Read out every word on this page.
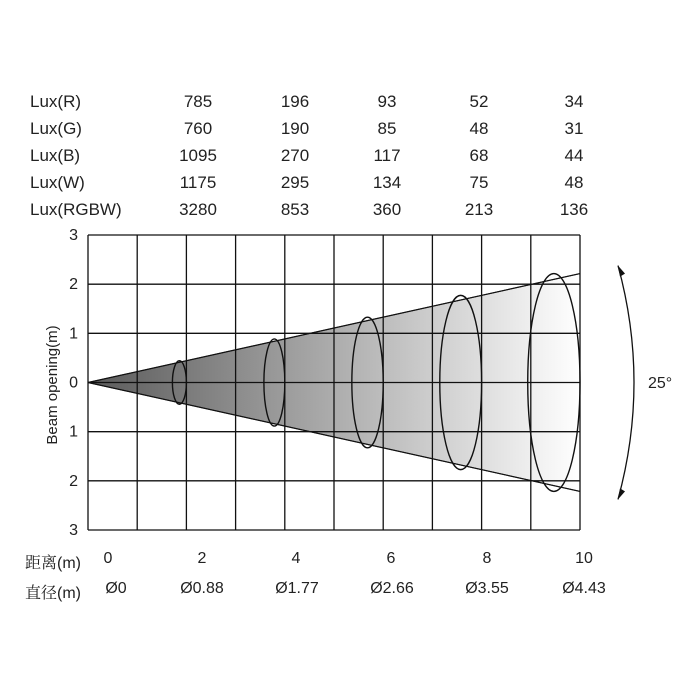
Lux(R)	785	196	93	52	34
Lux(G)	760	190	85	48	31
Lux(B)	1095	270	117	68	44
Lux(W)	1175	295	134	75	48
Lux(RGBW)	3280	853	360	213	136
3
2
1
0
1
2
3
Beam opening(m)	25°
距离(m)	0	2	4	6	8	10
直径(m)	Ø0	Ø0.88	Ø1.77	Ø2.66	Ø3.55	Ø4.43
